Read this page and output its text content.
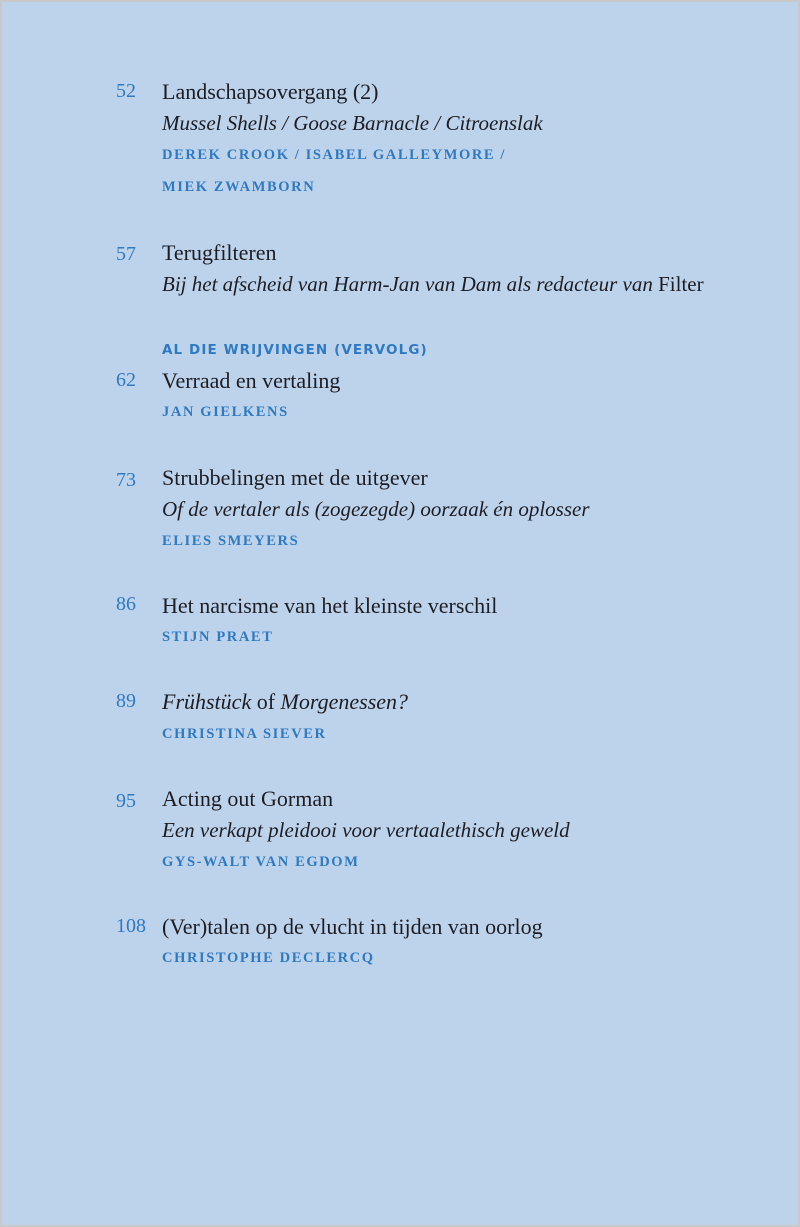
52 Landschapsovergang (2)
Mussel Shells / Goose Barnacle / Citroenslak
DEREK CROOK / ISABEL GALLEYMORE /
MIEK ZWAMBORN
57 Terugfilteren
Bij het afscheid van Harm-Jan van Dam als redacteur van Filter
AL DIE WRIJVINGEN (VERVOLG)
62 Verraad en vertaling
JAN GIELKENS
73 Strubbelingen met de uitgever
Of de vertaler als (zogezegde) oorzaak én oplosser
ELIES SMEYERS
86 Het narcisme van het kleinste verschil
STIJN PRAET
89 Frühstück of Morgenessen?
CHRISTINA SIEVER
95 Acting out Gorman
Een verkapt pleidooi voor vertaalethisch geweld
GYS-WALT VAN EGDOM
108 (Ver)talen op de vlucht in tijden van oorlog
CHRISTOPHE DECLERCQ
